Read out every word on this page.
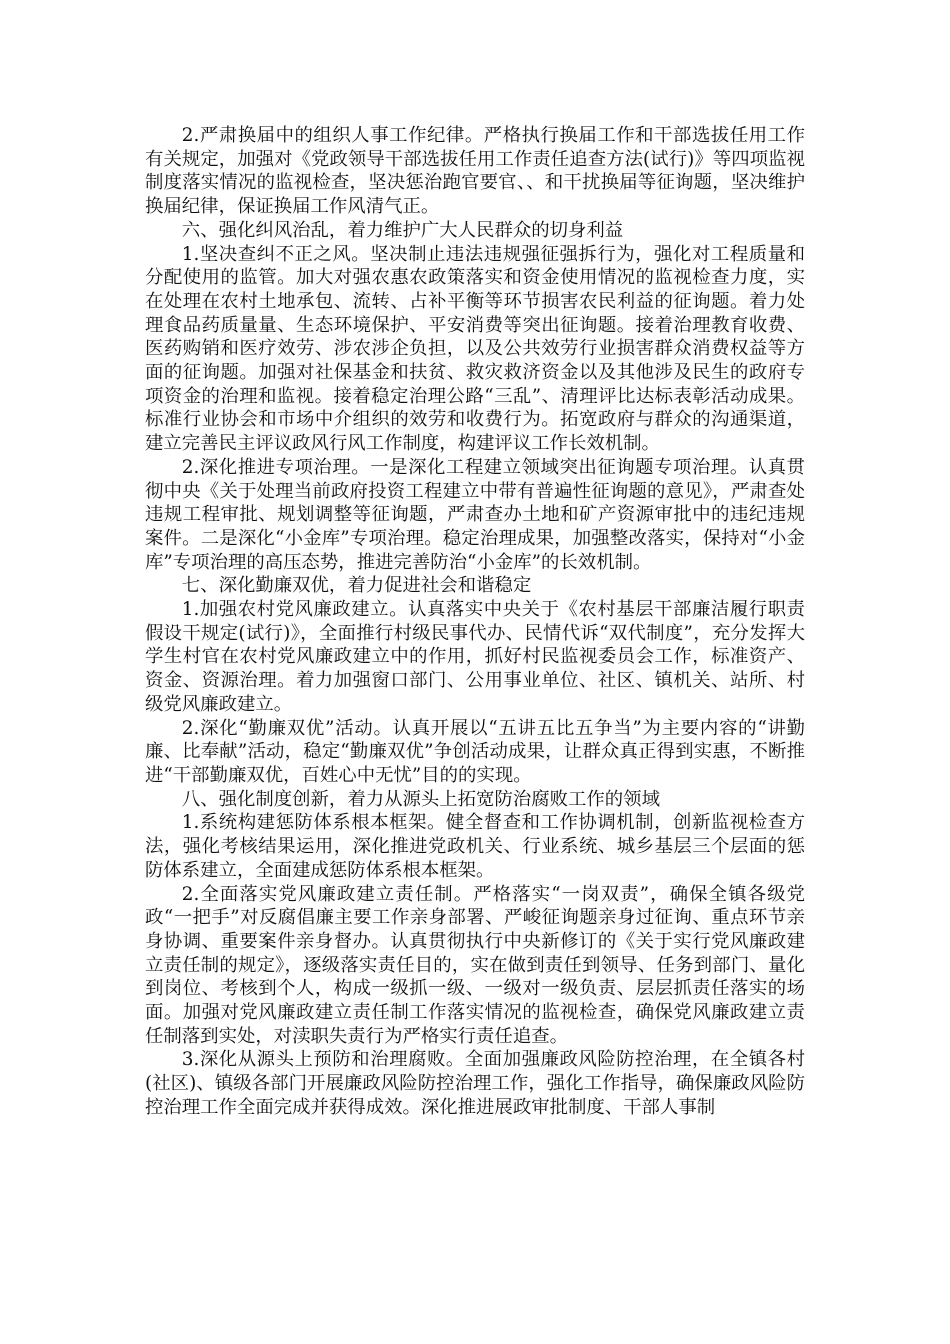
2.严肃换届中的组织人事工作纪律。严格执行换届工作和干部选拔任用工作有关规定，加强对《党政领导干部选拔任用工作责任追查方法(试行)》等四项监视制度落实情况的监视检查，坚决惩治跑官要官、、和干扰换届等征询题，坚决维护换届纪律，保证换届工作风清气正。

六、强化纠风治乱，着力维护广大人民群众的切身利益

1.坚决查纠不正之风。坚决制止违法违规强征强拆行为，强化对工程质量和分配使用的监管。加大对强农惠农政策落实和资金使用情况的监视检查力度，实在处理在农村土地承包、流转、占补平衡等环节损害农民利益的征询题。着力处理食品药质量量、生态环境保护、平安消费等突出征询题。接着治理教育收费、医药购销和医疗效劳、涉农涉企负担，以及公共效劳行业损害群众消费权益等方面的征询题。加强对社保基金和扶贫、救灾救济资金以及其他涉及民生的政府专项资金的治理和监视。接着稳定治理公路“三乱”、清理评比达标表彰活动成果。标准行业协会和市场中介组织的效劳和收费行为。拓宽政府与群众的沟通渠道，建立完善民主评议政风行风工作制度，构建评议工作长效机制。

2.深化推进专项治理。一是深化工程建立领域突出征询题专项治理。认真贯彻中央《关于处理当前政府投资工程建立中带有普遍性征询题的意见》，严肃查处违规工程审批、规划调整等征询题，严肃查办土地和矿产资源审批中的违纪违规案件。二是深化“小金库”专项治理。稳定治理成果，加强整改落实，保持对“小金库”专项治理的高压态势，推进完善防治“小金库”的长效机制。

七、深化勤廉双优，着力促进社会和谐稳定

1.加强农村党风廉政建立。认真落实中央关于《农村基层干部廉洁履行职责假设干规定(试行)》，全面推行村级民事代办、民情代诉“双代制度”，充分发挥大学生村官在农村党风廉政建立中的作用，抓好村民监视委员会工作，标准资产、资金、资源治理。着力加强窗口部门、公用事业单位、社区、镇机关、站所、村级党风廉政建立。

2.深化“勤廉双优”活动。认真开展以“五讲五比五争当”为主要内容的“讲勤廉、比奉献”活动，稳定“勤廉双优”争创活动成果，让群众真正得到实惠，不断推进“干部勤廉双优，百姓心中无忧”目的的实现。

八、强化制度创新，着力从源头上拓宽防治腐败工作的领域

1.系统构建惩防体系根本框架。健全督查和工作协调机制，创新监视检查方法，强化考核结果运用，深化推进党政机关、行业系统、城乡基层三个层面的惩防体系建立，全面建成惩防体系根本框架。

2.全面落实党风廉政建立责任制。严格落实“一岗双责”，确保全镇各级党政“一把手”对反腐倡廉主要工作亲身部署、严峻征询题亲身过征询、重点环节亲身协调、重要案件亲身督办。认真贯彻执行中央新修订的《关于实行党风廉政建立责任制的规定》，逐级落实责任目的，实在做到责任到领导、任务到部门、量化到岗位、考核到个人，构成一级抓一级、一级对一级负责、层层抓责任落实的场面。加强对党风廉政建立责任制工作落实情况的监视检查，确保党风廉政建立责任制落到实处，对渎职失责行为严格实行责任追查。

3.深化从源头上预防和治理腐败。全面加强廉政风险防控治理，在全镇各村(社区)、镇级各部门开展廉政风险防控治理工作，强化工作指导，确保廉政风险防控治理工作全面完成并获得成效。深化推进展政审批制度、干部人事制
